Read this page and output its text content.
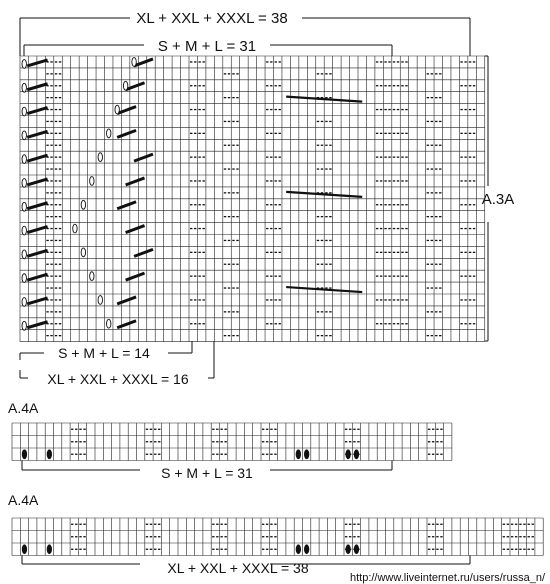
XL + XXL + XXXL = 38
S + M + L = 31
A.3A
S + M + L = 14
XL + XXL + XXXL = 16
A.4A
S + M + L = 31
A.4A
XL + XXL + XXXL = 38
http://www.liveinternet.ru/users/russa_n/
